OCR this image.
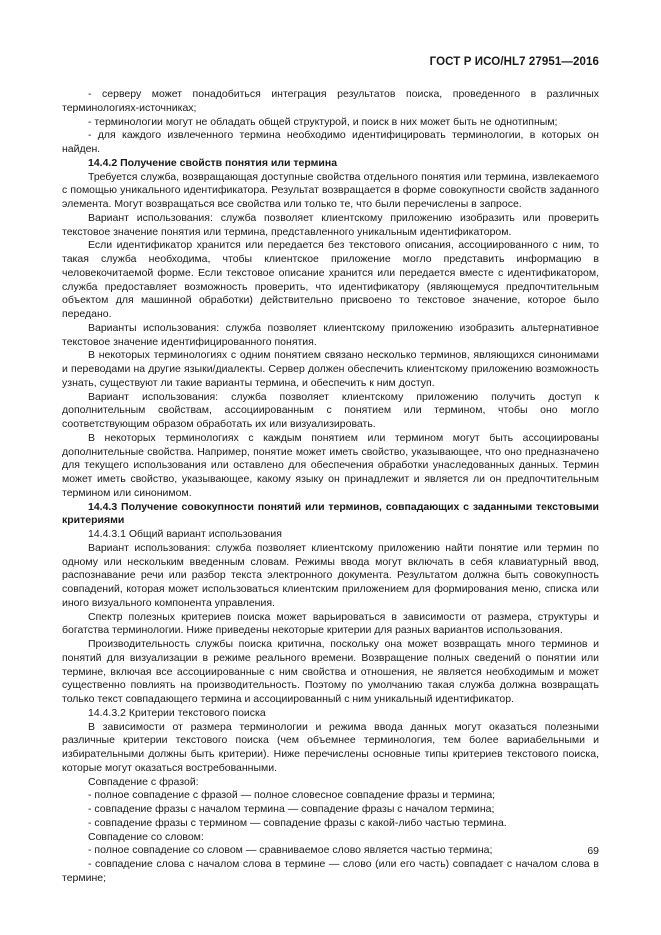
ГОСТ Р ИСО/HL7 27951—2016

- серверу может понадобиться интеграция результатов поиска, проведенного в различных терминологиях-источниках;

- терминологии могут не обладать общей структурой, и поиск в них может быть не однотипным;

- для каждого извлеченного термина необходимо идентифицировать терминологии, в которых он найден.

14.4.2 Получение свойств понятия или термина

Требуется служба, возвращающая доступные свойства отдельного понятия или термина, извлекаемого с помощью уникального идентификатора. Результат возвращается в форме совокупности свойств заданного элемента. Могут возвращаться все свойства или только те, что были перечислены в запросе.

Вариант использования: служба позволяет клиентскому приложению изобразить или проверить текстовое значение понятия или термина, представленного уникальным идентификатором.

Если идентификатор хранится или передается без текстового описания, ассоциированного с ним, то такая служба необходима, чтобы клиентское приложение могло представить информацию в человекочитаемой форме. Если текстовое описание хранится или передается вместе с идентификатором, служба предоставляет возможность проверить, что идентификатору (являющемуся предпочтительным объектом для машинной обработки) действительно присвоено то текстовое значение, которое было передано.

Варианты использования: служба позволяет клиентскому приложению изобразить альтернативное текстовое значение идентифицированного понятия.

В некоторых терминологиях с одним понятием связано несколько терминов, являющихся синонимами и переводами на другие языки/диалекты. Сервер должен обеспечить клиентскому приложению возможность узнать, существуют ли такие варианты термина, и обеспечить к ним доступ.

Вариант использования: служба позволяет клиентскому приложению получить доступ к дополнительным свойствам, ассоциированным с понятием или термином, чтобы оно могло соответствующим образом обработать их или визуализировать.

В некоторых терминологиях с каждым понятием или термином могут быть ассоциированы дополнительные свойства. Например, понятие может иметь свойство, указывающее, что оно предназначено для текущего использования или оставлено для обеспечения обработки унаследованных данных. Термин может иметь свойство, указывающее, какому языку он принадлежит и является ли он предпочтительным термином или синонимом.

14.4.3 Получение совокупности понятий или терминов, совпадающих с заданными текстовыми критериями

14.4.3.1 Общий вариант использования

Вариант использования: служба позволяет клиентскому приложению найти понятие или термин по одному или нескольким введенным словам. Режимы ввода могут включать в себя клавиатурный ввод, распознавание речи или разбор текста электронного документа. Результатом должна быть совокупность совпадений, которая может использоваться клиентским приложением для формирования меню, списка или иного визуального компонента управления.

Спектр полезных критериев поиска может варьироваться в зависимости от размера, структуры и богатства терминологии. Ниже приведены некоторые критерии для разных вариантов использования.

Производительность службы поиска критична, поскольку она может возвращать много терминов и понятий для визуализации в режиме реального времени. Возвращение полных сведений о понятии или термине, включая все ассоциированные с ним свойства и отношения, не является необходимым и может существенно повлиять на производительность. Поэтому по умолчанию такая служба должна возвращать только текст совпадающего термина и ассоциированный с ним уникальный идентификатор.

14.4.3.2 Критерии текстового поиска

В зависимости от размера терминологии и режима ввода данных могут оказаться полезными различные критерии текстового поиска (чем объемнее терминология, тем более вариабельными и избирательными должны быть критерии). Ниже перечислены основные типы критериев текстового поиска, которые могут оказаться востребованными.

Совпадение с фразой:

- полное совпадение с фразой — полное словесное совпадение фразы и термина;

- совпадение фразы с началом термина — совпадение фразы с началом термина;

- совпадение фразы с термином — совпадение фразы с какой-либо частью термина.

Совпадение со словом:

- полное совпадение со словом — сравниваемое слово является частью термина;

- совпадение слова с началом слова в термине — слово (или его часть) совпадает с началом слова в термине;

69
